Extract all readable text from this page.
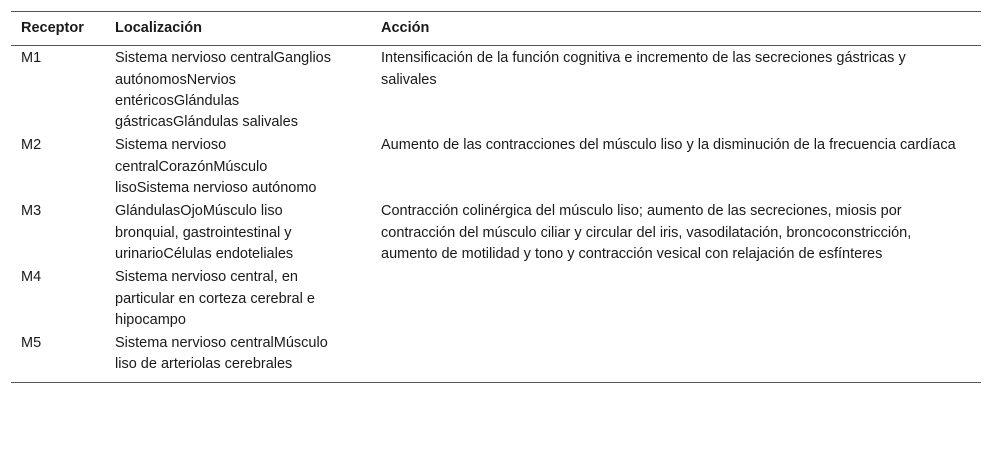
Receptor	Localización	Acción
M1	Sistema nervioso centralGanglios autónomosNervios entéricosGlándulas gástricasGlándulas salivales	Intensificación de la función cognitiva e incremento de las secreciones gástricas y salivales
M2	Sistema nervioso centralCorazónMúsculo lisoSistema nervioso autónomo	Aumento de las contracciones del músculo liso y la disminución de la frecuencia cardíaca
M3	GlándulasOjoMúsculo liso bronquial, gastrointestinal y urinarioCélulas endoteliales	Contracción colinérgica del músculo liso; aumento de las secreciones, miosis por contracción del músculo ciliar y circular del iris, vasodilatación, broncoconstricción, aumento de motilidad y tono y contracción vesical con relajación de esfínteres
M4	Sistema nervioso central, en particular en corteza cerebral e hipocampo	
M5	Sistema nervioso centralMúsculo liso de arteriolas cerebrales	
